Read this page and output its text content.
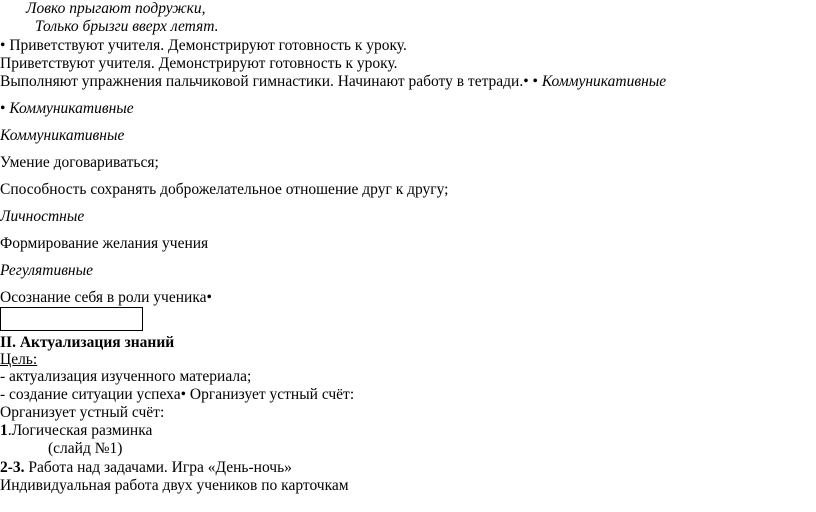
Ловко прыгают подружки,
Только брызги вверх летят.
• Приветствуют учителя. Демонстрируют готовность к уроку.
Приветствуют учителя. Демонстрируют готовность к уроку.
Выполняют упражнения пальчиковой гимнастики. Начинают работу в тетради.• • Коммуникативные
• Коммуникативные
Коммуникативные
Умение договариваться;
Способность сохранять доброжелательное отношение друг к другу;
Личностные
Формирование желания учения
Регулятивные
Осознание себя в роли ученика•
II. Актуализация знаний
Цель:
- актуализация изученного материала;
- создание ситуации успеха• Организует устный счёт:
Организует устный счёт:
1.Логическая разминка
(слайд №1)
2-3. Работа над задачами. Игра «День-ночь»
Индивидуальная работа двух учеников по карточкам
